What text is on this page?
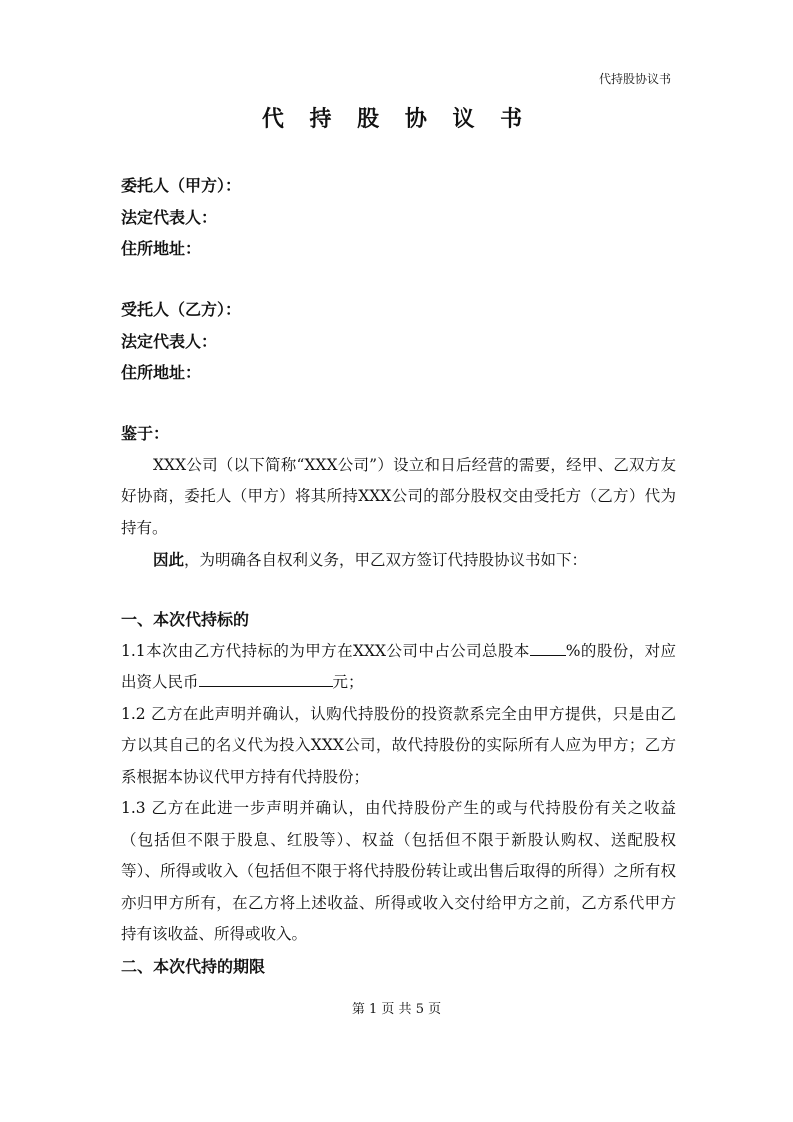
代持股协议书
代 持 股 协 议 书
委托人（甲方）：
法定代表人：
住所地址：
受托人（乙方）：
法定代表人：
住所地址：
鉴于：
XXX公司（以下简称“XXX公司”）设立和日后经营的需要，经甲、乙双方友好协商，委托人（甲方）将其所持XXX公司的部分股权交由受托方（乙方）代为持有。
因此，为明确各自权利义务，甲乙双方签订代持股协议书如下：
一、本次代持标的
1.1本次由乙方代持标的为甲方在XXX公司中占公司总股本 %的股份，对应出资人民币	元；
1.2 乙方在此声明并确认，认购代持股份的投资款系完全由甲方提供，只是由乙方以其自己的名义代为投入XXX公司，故代持股份的实际所有人应为甲方；乙方系根据本协议代甲方持有代持股份；
1.3 乙方在此进一步声明并确认，由代持股份产生的或与代持股份有关之收益（包括但不限于股息、红股等）、权益（包括但不限于新股认购权、送配股权等）、所得或收入（包括但不限于将代持股份转让或出售后取得的所得）之所有权亦归甲方所有，在乙方将上述收益、所得或收入交付给甲方之前，乙方系代甲方持有该收益、所得或收入。
二、本次代持的期限
第 1 页 共 5 页
